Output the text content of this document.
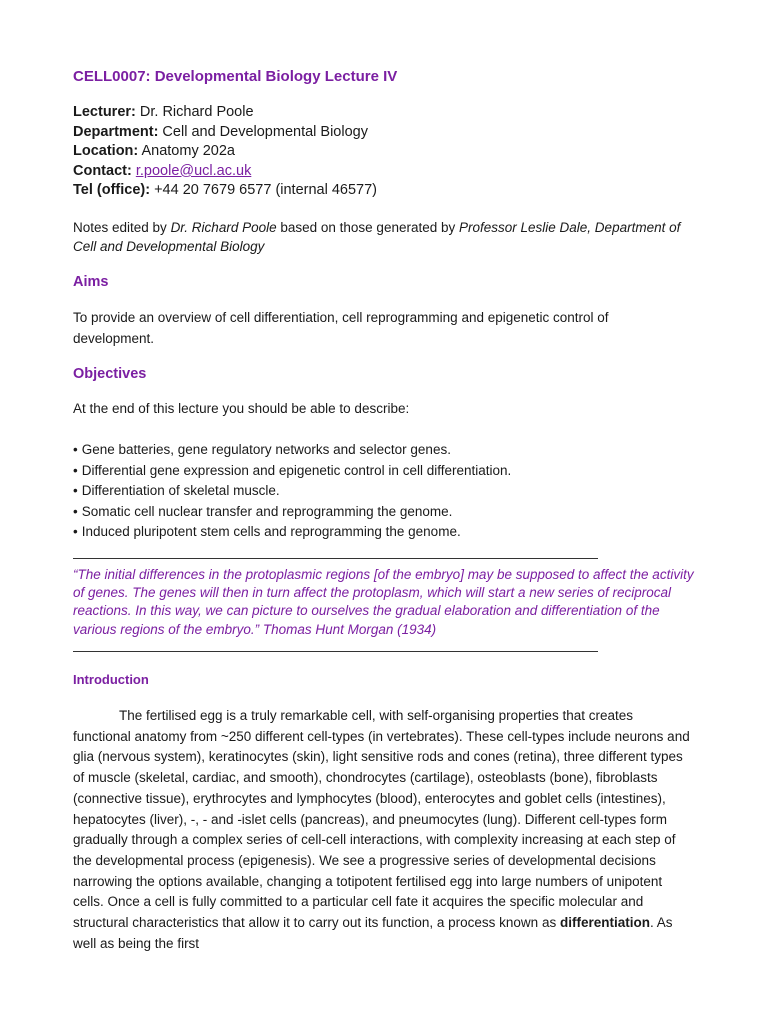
CELL0007: Developmental Biology Lecture IV
Lecturer: Dr. Richard Poole
Department: Cell and Developmental Biology
Location: Anatomy 202a
Contact: r.poole@ucl.ac.uk
Tel (office): +44 20 7679 6577 (internal 46577)
Notes edited by Dr. Richard Poole based on those generated by Professor Leslie Dale, Department of Cell and Developmental Biology
Aims
To provide an overview of cell differentiation, cell reprogramming and epigenetic control of development.
Objectives
At the end of this lecture you should be able to describe:
• Gene batteries, gene regulatory networks and selector genes.
• Differential gene expression and epigenetic control in cell differentiation.
• Differentiation of skeletal muscle.
• Somatic cell nuclear transfer and reprogramming the genome.
• Induced pluripotent stem cells and reprogramming the genome.
“The initial differences in the protoplasmic regions [of the embryo] may be supposed to affect the activity of genes. The genes will then in turn affect the protoplasm, which will start a new series of reciprocal reactions. In this way, we can picture to ourselves the gradual elaboration and differentiation of the various regions of the embryo.” Thomas Hunt Morgan (1934)
Introduction
The fertilised egg is a truly remarkable cell, with self-organising properties that creates functional anatomy from ~250 different cell-types (in vertebrates). These cell-types include neurons and glia (nervous system), keratinocytes (skin), light sensitive rods and cones (retina), three different types of muscle (skeletal, cardiac, and smooth), chondrocytes (cartilage), osteoblasts (bone), fibroblasts (connective tissue), erythrocytes and lymphocytes (blood), enterocytes and goblet cells (intestines), hepatocytes (liver), -, - and -islet cells (pancreas), and pneumocytes (lung). Different cell-types form gradually through a complex series of cell-cell interactions, with complexity increasing at each step of the developmental process (epigenesis). We see a progressive series of developmental decisions narrowing the options available, changing a totipotent fertilised egg into large numbers of unipotent cells. Once a cell is fully committed to a particular cell fate it acquires the specific molecular and structural characteristics that allow it to carry out its function, a process known as differentiation. As well as being the first
